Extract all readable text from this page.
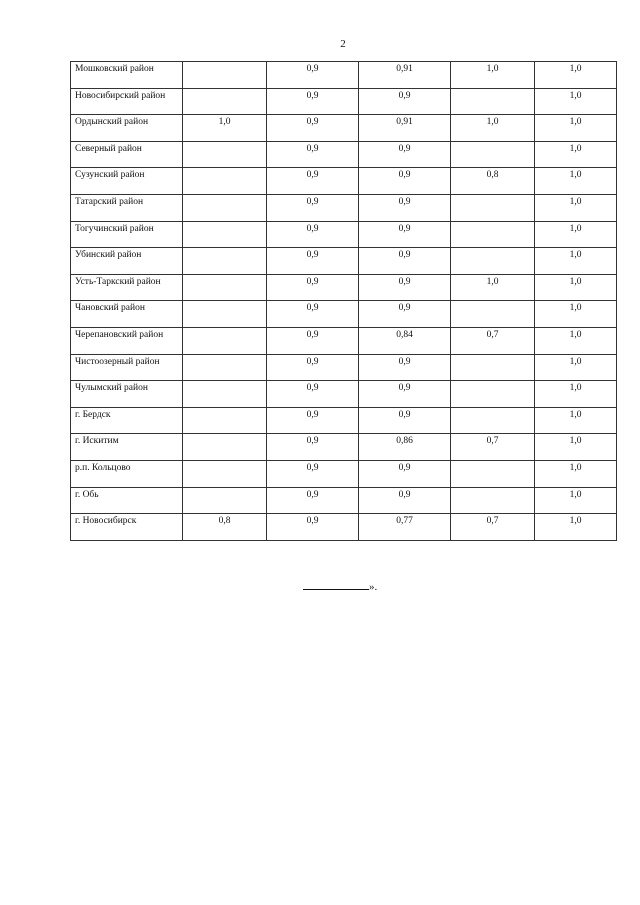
2
Мошковский район		0,9	0,91	1,0	1,0
Новосибирский район		0,9	0,9		1,0
Ордынский район	1,0	0,9	0,91	1,0	1,0
Северный район		0,9	0,9		1,0
Сузунский район		0,9	0,9	0,8	1,0
Татарский район		0,9	0,9		1,0
Тогучинский район		0,9	0,9		1,0
Убинский район		0,9	0,9		1,0
Усть-Таркский район		0,9	0,9	1,0	1,0
Чановский район		0,9	0,9		1,0
Черепановский район		0,9	0,84	0,7	1,0
Чистоозерный район		0,9	0,9		1,0
Чулымский район		0,9	0,9		1,0
г. Бердск		0,9	0,9		1,0
г. Искитим		0,9	0,86	0,7	1,0
р.п. Кольцово		0,9	0,9		1,0
г. Обь		0,9	0,9		1,0
г. Новосибирск	0,8	0,9	0,77	0,7	1,0
».
